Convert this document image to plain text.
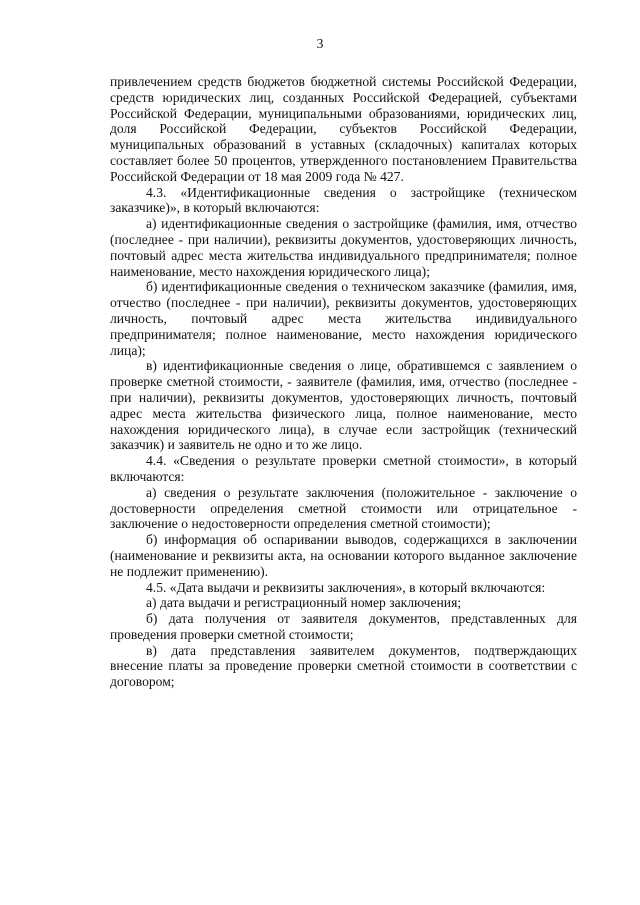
3

привлечением средств бюджетов бюджетной системы Российской Федерации, средств юридических лиц, созданных Российской Федерацией, субъектами Российской Федерации, муниципальными образованиями, юридических лиц, доля Российской Федерации, субъектов Российской Федерации, муниципальных образований в уставных (складочных) капиталах которых составляет более 50 процентов, утвержденного постановлением Правительства Российской Федерации от 18 мая 2009 года № 427.

4.3. «Идентификационные сведения о застройщике (техническом заказчике)», в который включаются:

а) идентификационные сведения о застройщике (фамилия, имя, отчество (последнее - при наличии), реквизиты документов, удостоверяющих личность, почтовый адрес места жительства индивидуального предпринимателя; полное наименование, место нахождения юридического лица);

б) идентификационные сведения о техническом заказчике (фамилия, имя, отчество (последнее - при наличии), реквизиты документов, удостоверяющих личность, почтовый адрес места жительства индивидуального предпринимателя; полное наименование, место нахождения юридического лица);

в) идентификационные сведения о лице, обратившемся с заявлением о проверке сметной стоимости, - заявителе (фамилия, имя, отчество (последнее - при наличии), реквизиты документов, удостоверяющих личность, почтовый адрес места жительства физического лица, полное наименование, место нахождения юридического лица), в случае если застройщик (технический заказчик) и заявитель не одно и то же лицо.

4.4. «Сведения о результате проверки сметной стоимости», в который включаются:

а) сведения о результате заключения (положительное - заключение о достоверности определения сметной стоимости или отрицательное - заключение о недостоверности определения сметной стоимости);

б) информация об оспаривании выводов, содержащихся в заключении (наименование и реквизиты акта, на основании которого выданное заключение не подлежит применению).

4.5. «Дата выдачи и реквизиты заключения», в который включаются:

а) дата выдачи и регистрационный номер заключения;

б) дата получения от заявителя документов, представленных для проведения проверки сметной стоимости;

в) дата представления заявителем документов, подтверждающих внесение платы за проведение проверки сметной стоимости в соответствии с договором;
